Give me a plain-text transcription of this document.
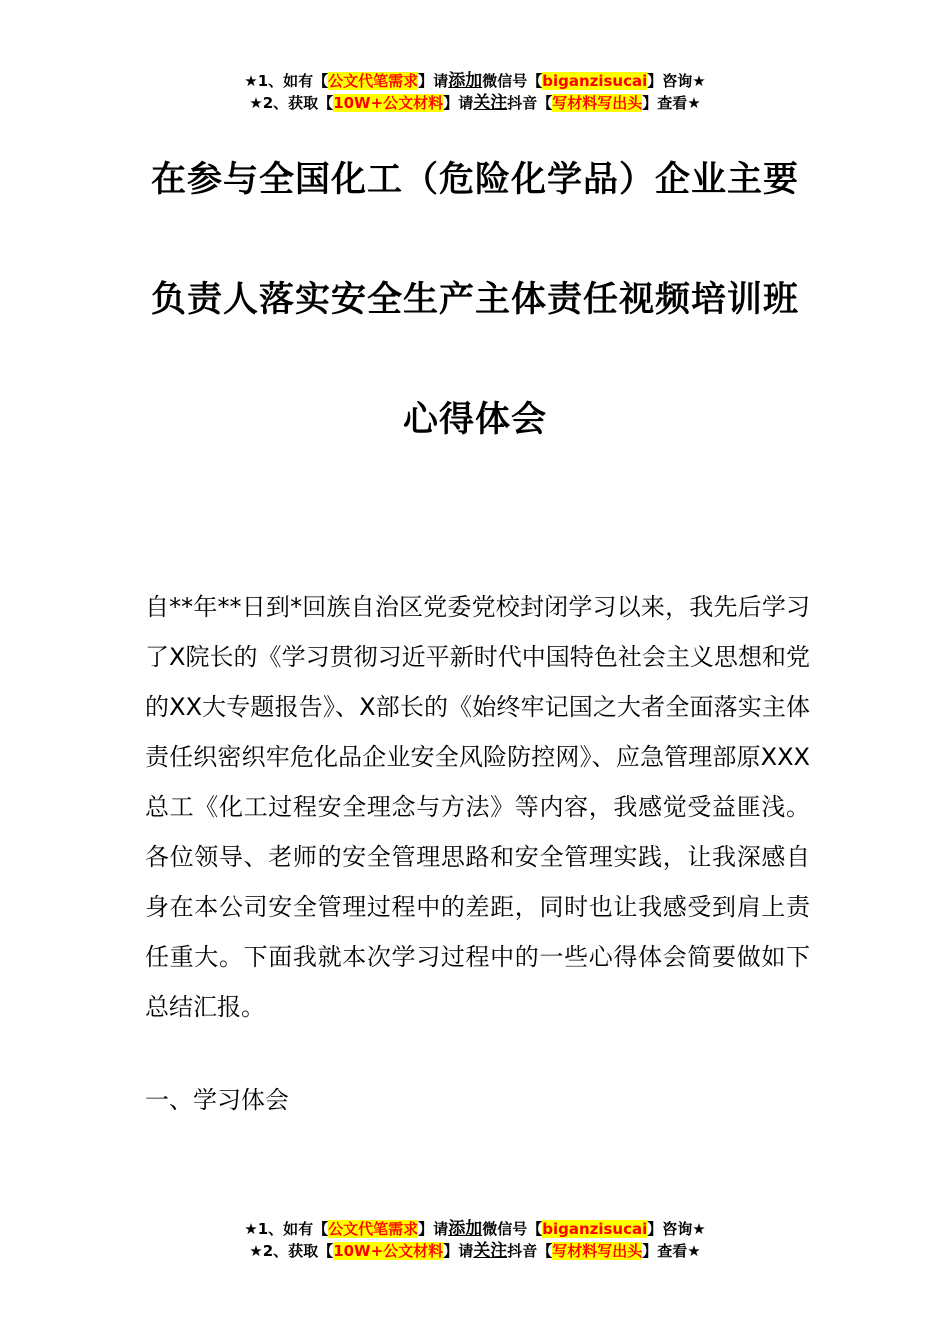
★1、如有【公文代笔需求】请添加微信号【biganzisucai】咨询★
★2、获取【10W+公文材料】请关注抖音【写材料写出头】查看★
在参与全国化工（危险化学品）企业主要
负责人落实安全生产主体责任视频培训班
心得体会
自**年**日到*回族自治区党委党校封闭学习以来，我先后学习了X院长的《学习贯彻习近平新时代中国特色社会主义思想和党的XX大专题报告》、X部长的《始终牢记国之大者全面落实主体责任织密织牢危化品企业安全风险防控网》、应急管理部原XXX总工《化工过程安全理念与方法》等内容，我感觉受益匪浅。各位领导、老师的安全管理思路和安全管理实践，让我深感自身在本公司安全管理过程中的差距，同时也让我感受到肩上责任重大。下面我就本次学习过程中的一些心得体会简要做如下总结汇报。
一、学习体会
★1、如有【公文代笔需求】请添加微信号【biganzisucai】咨询★
★2、获取【10W+公文材料】请关注抖音【写材料写出头】查看★
